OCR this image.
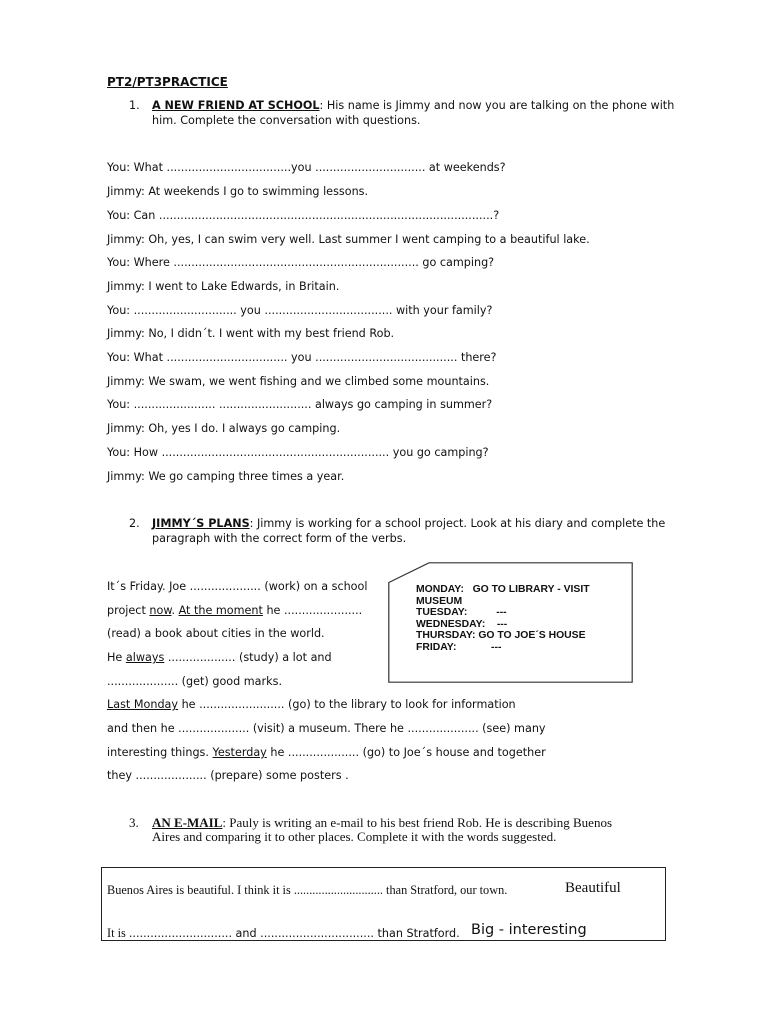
PT2/PT3PRACTICE
1. A NEW FRIEND AT SCHOOL: His name is Jimmy and now you are talking on the phone with
him. Complete the conversation with questions.
You: What ...................................you ............................... at weekends?
Jimmy: At weekends I go to swimming lessons.
You: Can ..............................................................................................?
Jimmy: Oh, yes, I can swim very well. Last summer I went camping to a beautiful lake.
You: Where ..................................................................... go camping?
Jimmy: I went to Lake Edwards, in Britain.
You: ............................. you .................................... with your family?
Jimmy: No, I didn´t. I went with my best friend Rob.
You: What .................................. you ........................................ there?
Jimmy: We swam, we went fishing and we climbed some mountains.
You: ....................... .......................... always go camping in summer?
Jimmy: Oh, yes I do. I always go camping.
You: How ................................................................ you go camping?
Jimmy: We go camping three times a year.
2. JIMMY´S PLANS: Jimmy is working for a school project. Look at his diary and complete the
paragraph with the correct form of the verbs.
It´s Friday. Joe .................... (work) on a school
project now. At the moment he ......................
(read) a book about cities in the world.
He always ................... (study) a lot and
.................... (get) good marks.
Last Monday he ........................ (go) to the library to look for information
and then he .................... (visit) a museum. There he .................... (see) many
interesting things. Yesterday he .................... (go) to Joe´s house and together
they .................... (prepare) some posters .
MONDAY:   GO TO LIBRARY - VISIT
MUSEUM
TUESDAY:          ---
WEDNESDAY:    ---
THURSDAY: GO TO JOE´S HOUSE
FRIDAY:            ---
3. AN E-MAIL: Pauly is writing an e-mail to his best friend Rob. He is describing Buenos
Aires and comparing it to other places. Complete it with the words suggested.
Buenos Aires is beautiful. I think it is ............................. than Stratford, our town.	Beautiful
It is ............................. and ................................ than Stratford. Big - interesting
